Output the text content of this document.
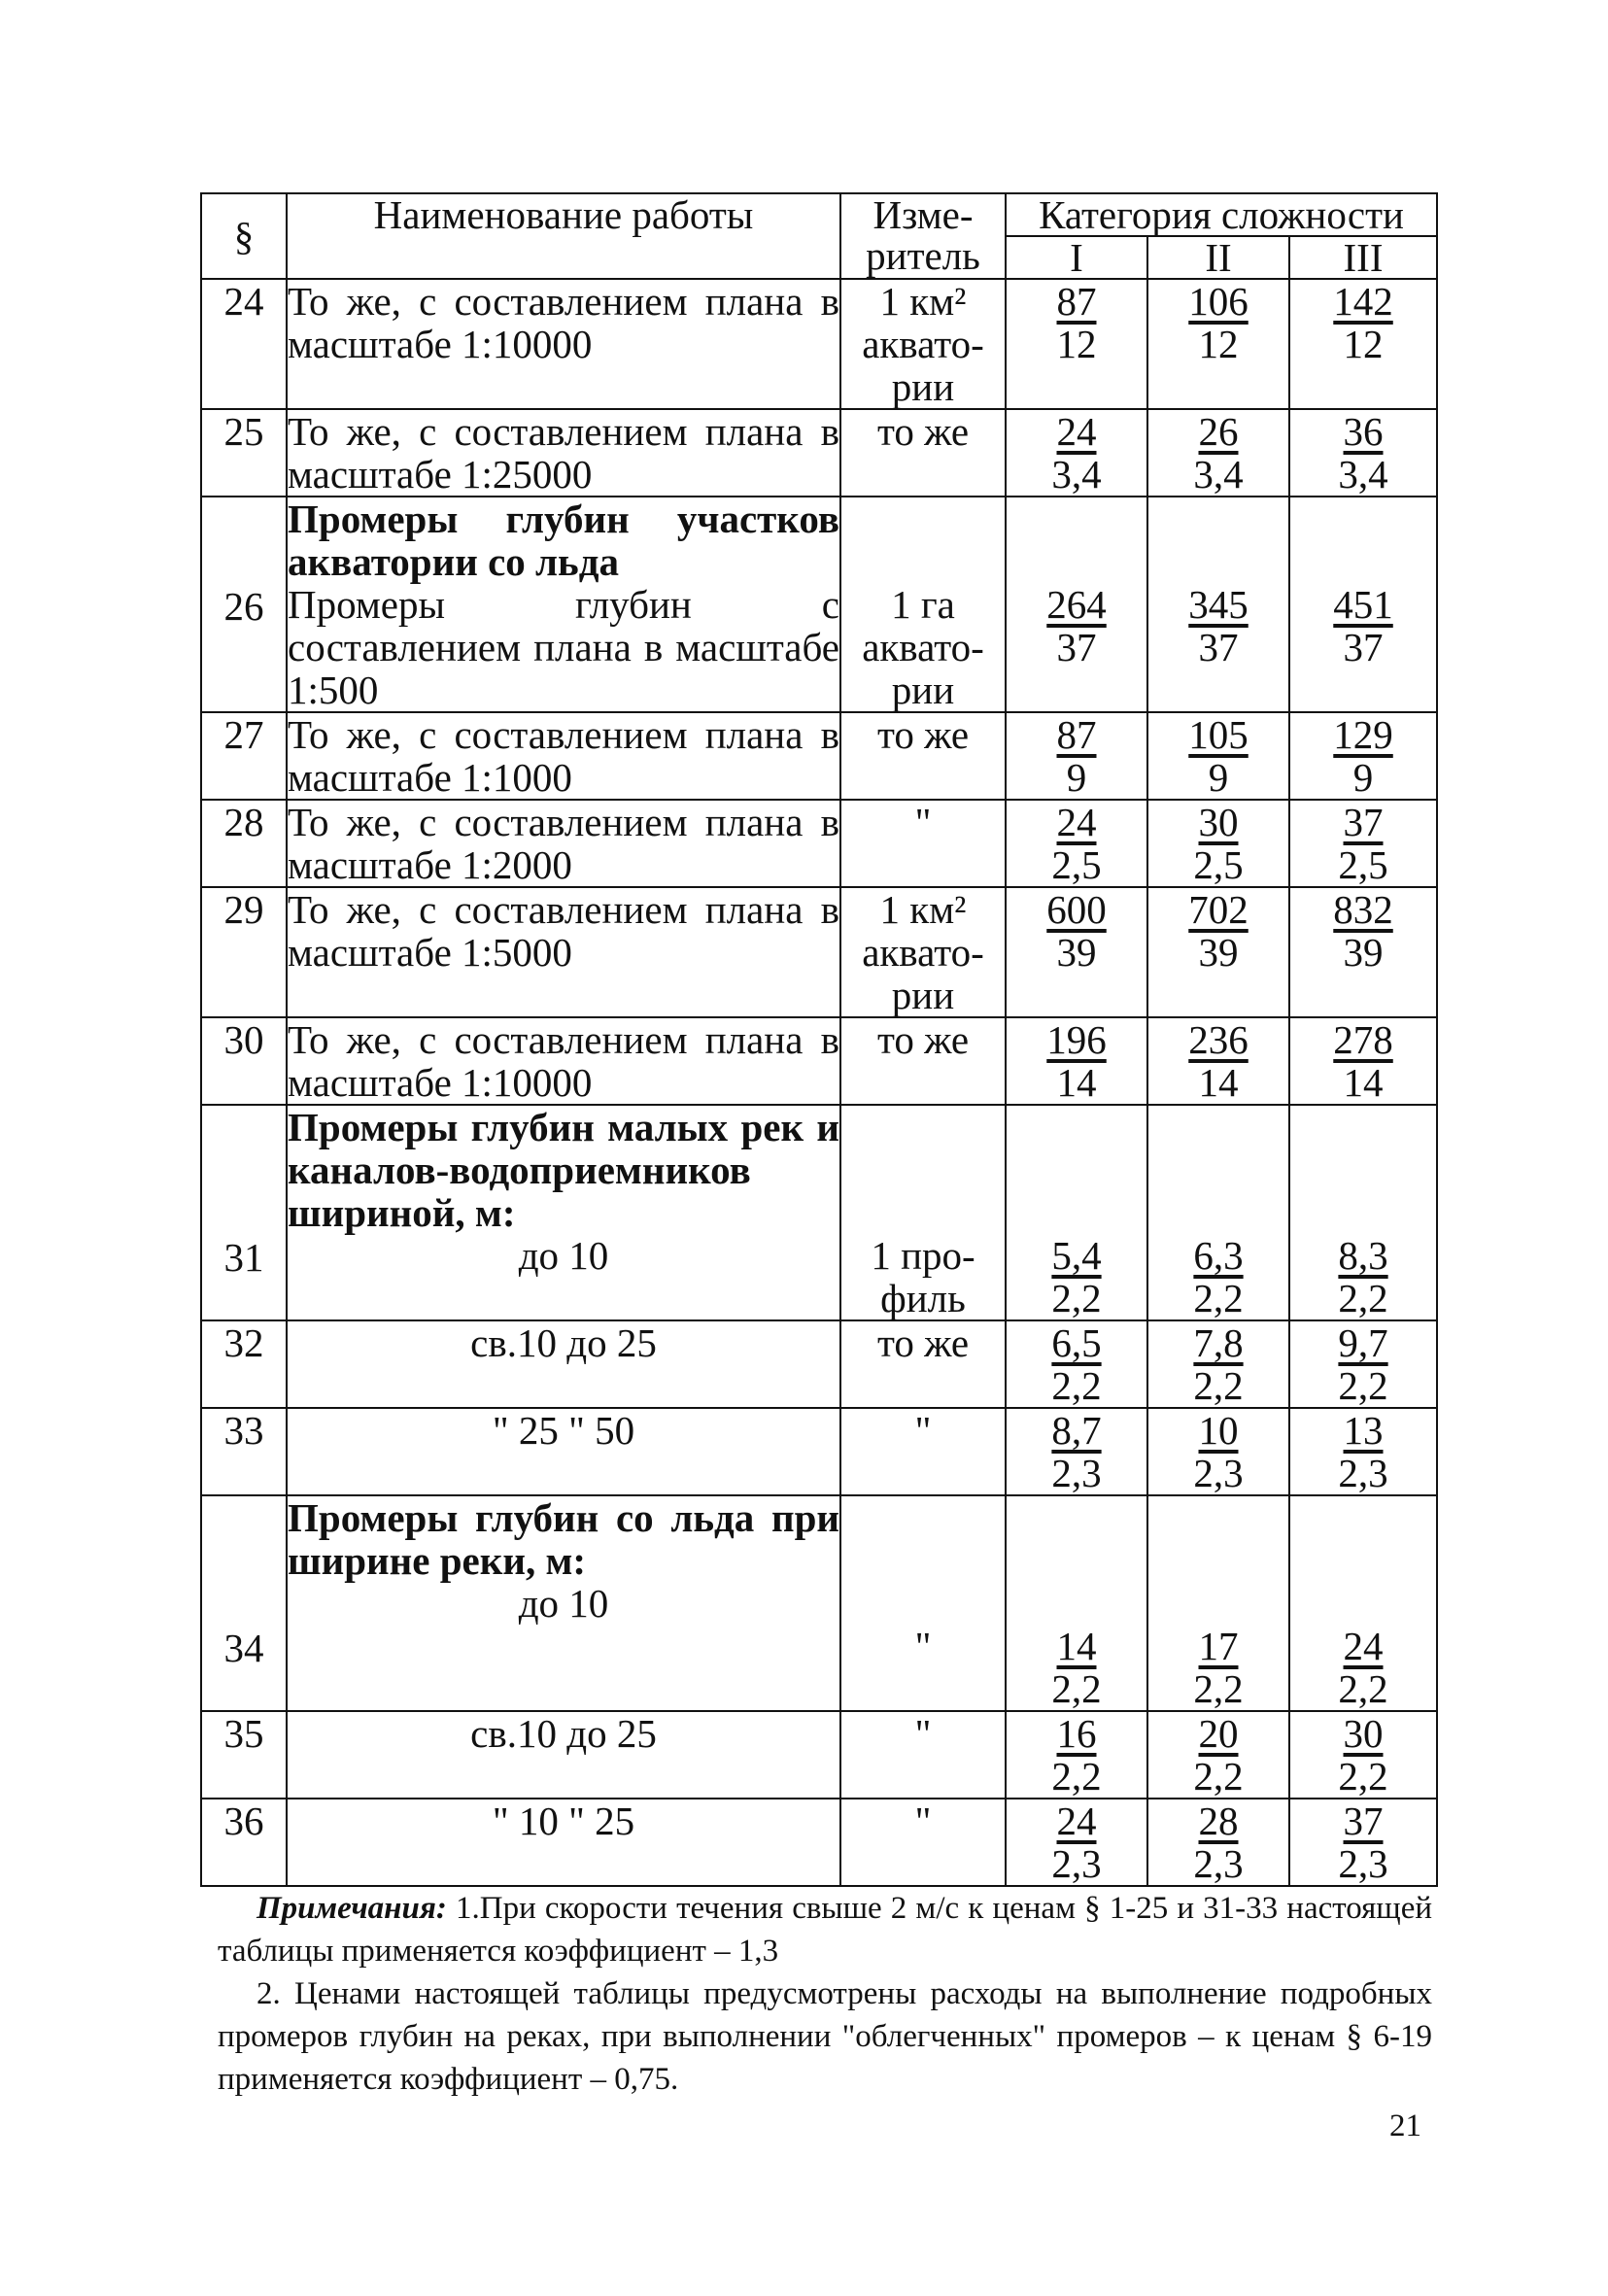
§	Наименование работы	Изме- ритель	Категория сложности		
			I	II	III
24	То же, с составлением плана в масштабе 1:10000	1 км²
аквато-
рии	$\frac{87}{12}$	$\frac{106}{12}$	$\frac{142}{12}$

25	То же, с составлением плана в масштабе 1:25000	то же	$\frac{24}{3,4}$	$\frac{26}{3,4}$	$\frac{36}{3,4}$

26	Промеры глубин участков акватории со льда
Промеры глубин с составлением плана в масштабе 1:500	1 га
аквато-
рии	$\frac{264}{37}$	$\frac{345}{37}$	$\frac{451}{37}$

27	То же, с составлением плана в масштабе 1:1000	то же	$\frac{87}{9}$	$\frac{105}{9}$	$\frac{129}{9}$

28	То же, с составлением плана в масштабе 1:2000	"	$\frac{24}{2,5}$	$\frac{30}{2,5}$	$\frac{37}{2,5}$

29	То же, с составлением плана в масштабе 1:5000	1 км²
аквато-
рии	$\frac{600}{39}$	$\frac{702}{39}$	$\frac{832}{39}$

30	То же, с составлением плана в масштабе 1:10000	то же	$\frac{196}{14}$	$\frac{236}{14}$	$\frac{278}{14}$

31	Промеры глубин малых рек и каналов-водоприемников шириной, м:
до 10	1 про-
филь	$\frac{5,4}{2,2}$	$\frac{6,3}{2,2}$	$\frac{8,3}{2,2}$

32	св.10 до 25	то же	$\frac{6,5}{2,2}$	$\frac{7,8}{2,2}$	$\frac{9,7}{2,2}$

33	" 25 " 50	"	$\frac{8,7}{2,3}$	$\frac{10}{2,3}$	$\frac{13}{2,3}$

34	Промеры глубин со льда при ширине реки, м:
до 10	"	$\frac{14}{2,2}$	$\frac{17}{2,2}$	$\frac{24}{2,2}$

35	св.10 до 25	"	$\frac{16}{2,2}$	$\frac{20}{2,2}$	$\frac{30}{2,2}$

36	" 10 " 25	"	$\frac{24}{2,3}$	$\frac{28}{2,3}$	$\frac{37}{2,3}$

Примечания: 1.При скорости течения свыше 2 м/с к ценам § 1-25 и 31-33 настоящей таблицы применяется коэффициент – 1,3

2. Ценами настоящей таблицы предусмотрены расходы на выполнение подробных промеров глубин на реках, при выполнении "облегченных" промеров – к ценам § 6-19 применяется коэффициент – 0,75.

21
